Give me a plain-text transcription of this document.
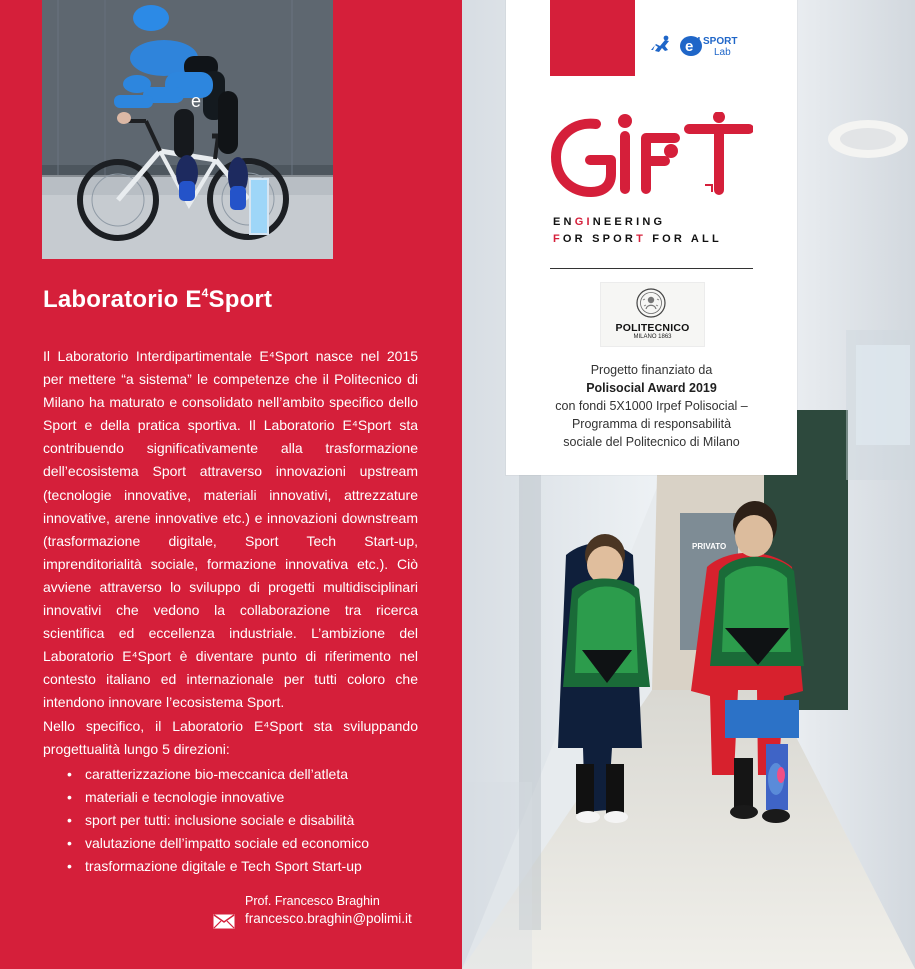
e
Laboratorio $E^4Sport$

Il Laboratorio Interdipartimentale E⁴Sport nasce nel 2015 per mettere “a sistema” le competenze che il Politecnico di Milano ha maturato e consolidato nell’ambito specifico dello Sport e della pratica sportiva. Il Laboratorio E⁴Sport sta contribuendo significativamente alla trasformazione dell’ecosistema Sport attraverso innovazioni upstream (tecnologie innovative, materiali innovativi, attrezzature innovative, arene innovative etc.) e innovazioni downstream (trasformazione digitale, Sport Tech Start-up, imprenditorialità sociale, formazione innovativa etc.). Ciò avviene attraverso lo sviluppo di progetti multidisciplinari innovativi che vedono la collaborazione tra ricerca scientifica ed eccellenza industriale. L’ambizione del Laboratorio E⁴Sport è diventare punto di riferimento nel contesto italiano ed internazionale per tutti coloro che intendono innovare l’ecosistema Sport.

Nello specifico, il Laboratorio E⁴Sport sta sviluppando progettualità lungo 5 direzioni:

• caratterizzazione bio-meccanica dell’atleta
• materiali e tecnologie innovative
• sport per tutti: inclusione sociale e disabilità
• valutazione dell’impatto sociale ed economico
• trasformazione digitale e Tech Sport Start-up
Prof. Francesco Braghin
francesco.braghin@polimi.it
PRIVATO
e 4 SPORT
Lab
ENGINEERING
FOR SPORT FOR ALL
POLITECNICO
MILANO 1863
Progetto finanziato da
Polisocial Award 2019
con fondi 5X1000 Irpef Polisocial –
Programma di responsabilità
sociale del Politecnico di Milano
